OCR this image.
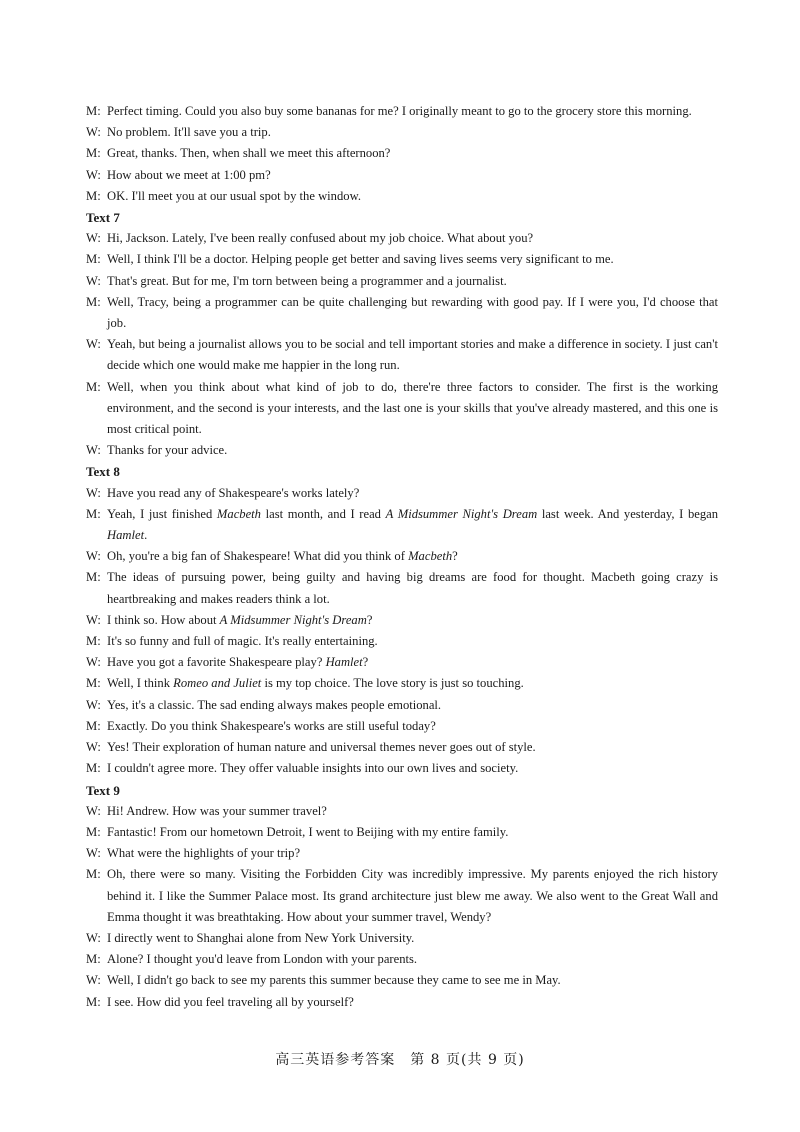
M: Perfect timing. Could you also buy some bananas for me? I originally meant to go to the grocery store this morning.
W: No problem. It'll save you a trip.
M: Great, thanks. Then, when shall we meet this afternoon?
W: How about we meet at 1:00 pm?
M: OK. I'll meet you at our usual spot by the window.
Text 7
W: Hi, Jackson. Lately, I've been really confused about my job choice. What about you?
M: Well, I think I'll be a doctor. Helping people get better and saving lives seems very significant to me.
W: That's great. But for me, I'm torn between being a programmer and a journalist.
M: Well, Tracy, being a programmer can be quite challenging but rewarding with good pay. If I were you, I'd choose that job.
W: Yeah, but being a journalist allows you to be social and tell important stories and make a difference in society. I just can't decide which one would make me happier in the long run.
M: Well, when you think about what kind of job to do, there're three factors to consider. The first is the working environment, and the second is your interests, and the last one is your skills that you've already mastered, and this one is most critical point.
W: Thanks for your advice.
Text 8
W: Have you read any of Shakespeare's works lately?
M: Yeah, I just finished Macbeth last month, and I read A Midsummer Night's Dream last week. And yesterday, I began Hamlet.
W: Oh, you're a big fan of Shakespeare! What did you think of Macbeth?
M: The ideas of pursuing power, being guilty and having big dreams are food for thought. Macbeth going crazy is heartbreaking and makes readers think a lot.
W: I think so. How about A Midsummer Night's Dream?
M: It's so funny and full of magic. It's really entertaining.
W: Have you got a favorite Shakespeare play? Hamlet?
M: Well, I think Romeo and Juliet is my top choice. The love story is just so touching.
W: Yes, it's a classic. The sad ending always makes people emotional.
M: Exactly. Do you think Shakespeare's works are still useful today?
W: Yes! Their exploration of human nature and universal themes never goes out of style.
M: I couldn't agree more. They offer valuable insights into our own lives and society.
Text 9
W: Hi! Andrew. How was your summer travel?
M: Fantastic! From our hometown Detroit, I went to Beijing with my entire family.
W: What were the highlights of your trip?
M: Oh, there were so many. Visiting the Forbidden City was incredibly impressive. My parents enjoyed the rich history behind it. I like the Summer Palace most. Its grand architecture just blew me away. We also went to the Great Wall and Emma thought it was breathtaking. How about your summer travel, Wendy?
W: I directly went to Shanghai alone from New York University.
M: Alone? I thought you'd leave from London with your parents.
W: Well, I didn't go back to see my parents this summer because they came to see me in May.
M: I see. How did you feel traveling all by yourself?
高三英语参考答案　第 8 页(共 9 页)
